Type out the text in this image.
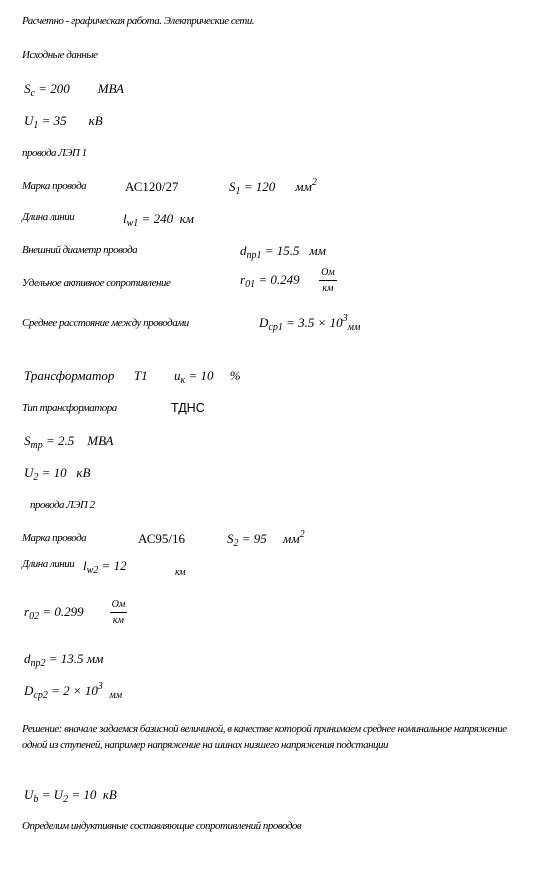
Расчетно - графическая работа. Электрические сети.
Исходные данные
$S_c = 200$ МВА
$U_1 = 35$ кВ
провода ЛЭП 1
Марка провода	АС120/27	$S_1 = 120$ $мм^2$
Длина линии	$l_{w1} = 240$ км
Внешний диаметр провода	$d_{пр1} = 15.5$ мм
Удельное активное сопротивление	$r_{01} = 0.249 \frac{Ом}{км}$
Среднее расстояние между проводами	$D_{ср1} = 3.5 \times 10^3_{мм}$
Трансформатор T1 $u_к = 10$ %
Тип трансформатора	ТДНС
$S_{тр} = 2.5$ МВА
$U_2 = 10$ кВ
провода ЛЭП 2
Марка провода	АС95/16	$S_2 = 95$ $мм^2$
Длина линии $l_{w2} = 12$	км
$r_{02} = 0.299$	$\frac{Ом}{км}$
$d_{пр2} = 13.5$ мм
$D_{ср2} = 2 \times 10^3$  $_{мм}$
Решение: вначале задаемся базисной величиной, в качестве которой принимаем среднее номинальное напряжение одной из ступеней, например напряжение на шинах низшего напряжения подстанции
$U_b = U_2 = 10$ кВ
Определим индуктивные составляющие сопротивлений проводов
